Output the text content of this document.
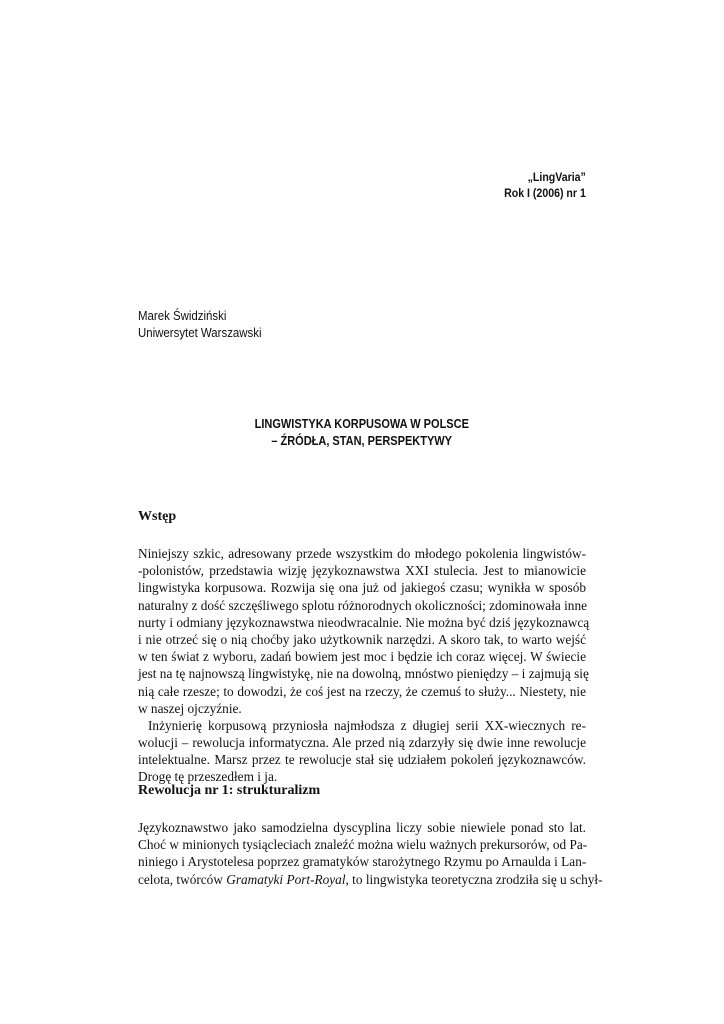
„LingVaria”
Rok I (2006) nr 1
Marek Świdziński
Uniwersytet Warszawski
LINGWISTYKA KORPUSOWA W POLSCE
– ŹRÓDŁA, STAN, PERSPEKTYWY
Wstęp
Niniejszy szkic, adresowany przede wszystkim do młodego pokolenia lingwistów-
-polonistów, przedstawia wizję językoznawstwa XXI stulecia. Jest to mianowicie
lingwistyka korpusowa. Rozwija się ona już od jakiegoś czasu; wynikła w sposób
naturalny z dość szczęśliwego splotu różnorodnych okoliczności; zdominowała inne
nurty i odmiany językoznawstwa nieodwracalnie. Nie można być dziś językoznawcą
i nie otrzeć się o nią choćby jako użytkownik narzędzi. A skoro tak, to warto wejść
w ten świat z wyboru, zadań bowiem jest moc i będzie ich coraz więcej. W świecie
jest na tę najnowszą lingwistykę, nie na dowolną, mnóstwo pieniędzy – i zajmują się
nią całe rzesze; to dowodzi, że coś jest na rzeczy, że czemuś to służy... Niestety, nie
w naszej ojczyźnie.
Inżynierię korpusową przyniosła najmłodsza z długiej serii XX-wiecznych re-
wolucji – rewolucja informatyczna. Ale przed nią zdarzyły się dwie inne rewolucje
intelektualne. Marsz przez te rewolucje stał się udziałem pokoleń językoznawców.
Drogę tę przeszedłem i ja.
Rewolucja nr 1: strukturalizm
Językoznawstwo jako samodzielna dyscyplina liczy sobie niewiele ponad sto lat.
Choć w minionych tysiącleciach znaleźć można wielu ważnych prekursorów, od Pa-
niniego i Arystotelesa poprzez gramatyków starożytnego Rzymu po Arnaulda i Lan-
celota, twórców Gramatyki Port-Royal, to lingwistyka teoretyczna zrodziła się u schył-
